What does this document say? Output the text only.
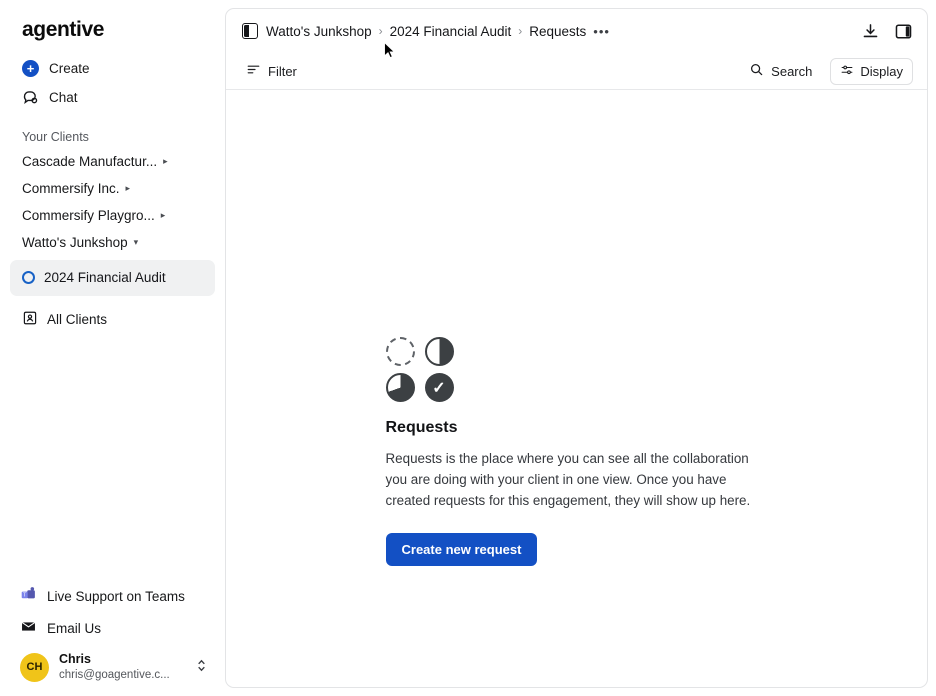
agentive
+	Create
Chat
Your Clients
Cascade Manufactur... ▸
Commersify Inc. ▸
Commersify Playgro... ▸
Watto's Junkshop ▾
2024 Financial Audit
All Clients
T Live Support on Teams
Email Us
CH
Chris
chris@goagentive.c...
Watto's Junkshop › 2024 Financial Audit › Requests •••
Filter	Search	Display
✓
Requests
Requests is the place where you can see all the collaboration you are doing with your client in one view. Once you have created requests for this engagement, they will show up here.
Create new request
